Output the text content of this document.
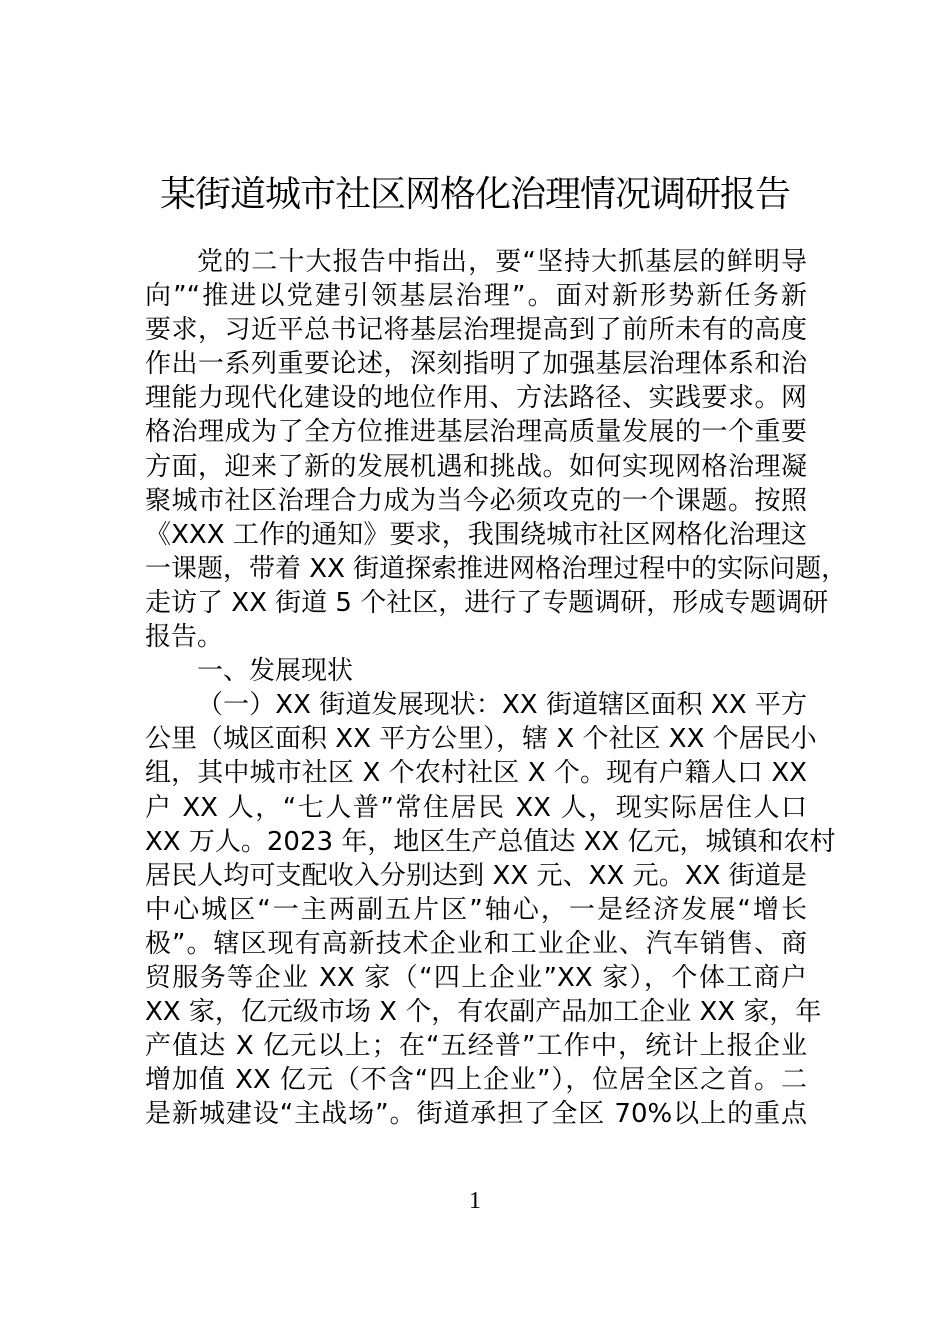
某街道城市社区网格化治理情况调研报告
党的二十大报告中指出，要“坚持大抓基层的鲜明导
向”“推进以党建引领基层治理”。面对新形势新任务新
要求，习近平总书记将基层治理提高到了前所未有的高度
作出一系列重要论述，深刻指明了加强基层治理体系和治
理能力现代化建设的地位作用、方法路径、实践要求。网
格治理成为了全方位推进基层治理高质量发展的一个重要
方面，迎来了新的发展机遇和挑战。如何实现网格治理凝
聚城市社区治理合力成为当今必须攻克的一个课题。按照
《XXX 工作的通知》要求，我围绕城市社区网格化治理这
一课题，带着 XX 街道探索推进网格治理过程中的实际问题，
走访了 XX 街道 5 个社区，进行了专题调研，形成专题调研
报告。
一、发展现状
（一）XX 街道发展现状：XX 街道辖区面积 XX 平方
公里（城区面积 XX 平方公里），辖 X 个社区 XX 个居民小
组，其中城市社区 X 个农村社区 X 个。现有户籍人口 XX
户 XX 人，“七人普”常住居民 XX 人，现实际居住人口
XX 万人。2023 年，地区生产总值达 XX 亿元，城镇和农村
居民人均可支配收入分别达到 XX 元、XX 元。XX 街道是
中心城区“一主两副五片区”轴心，一是经济发展“增长
极”。辖区现有高新技术企业和工业企业、汽车销售、商
贸服务等企业 XX 家（“四上企业”XX 家），个体工商户
XX 家，亿元级市场 X 个，有农副产品加工企业 XX 家，年
产值达 X 亿元以上；在“五经普”工作中，统计上报企业
增加值 XX 亿元（不含“四上企业”），位居全区之首。二
是新城建设“主战场”。街道承担了全区 70%以上的重点
1
